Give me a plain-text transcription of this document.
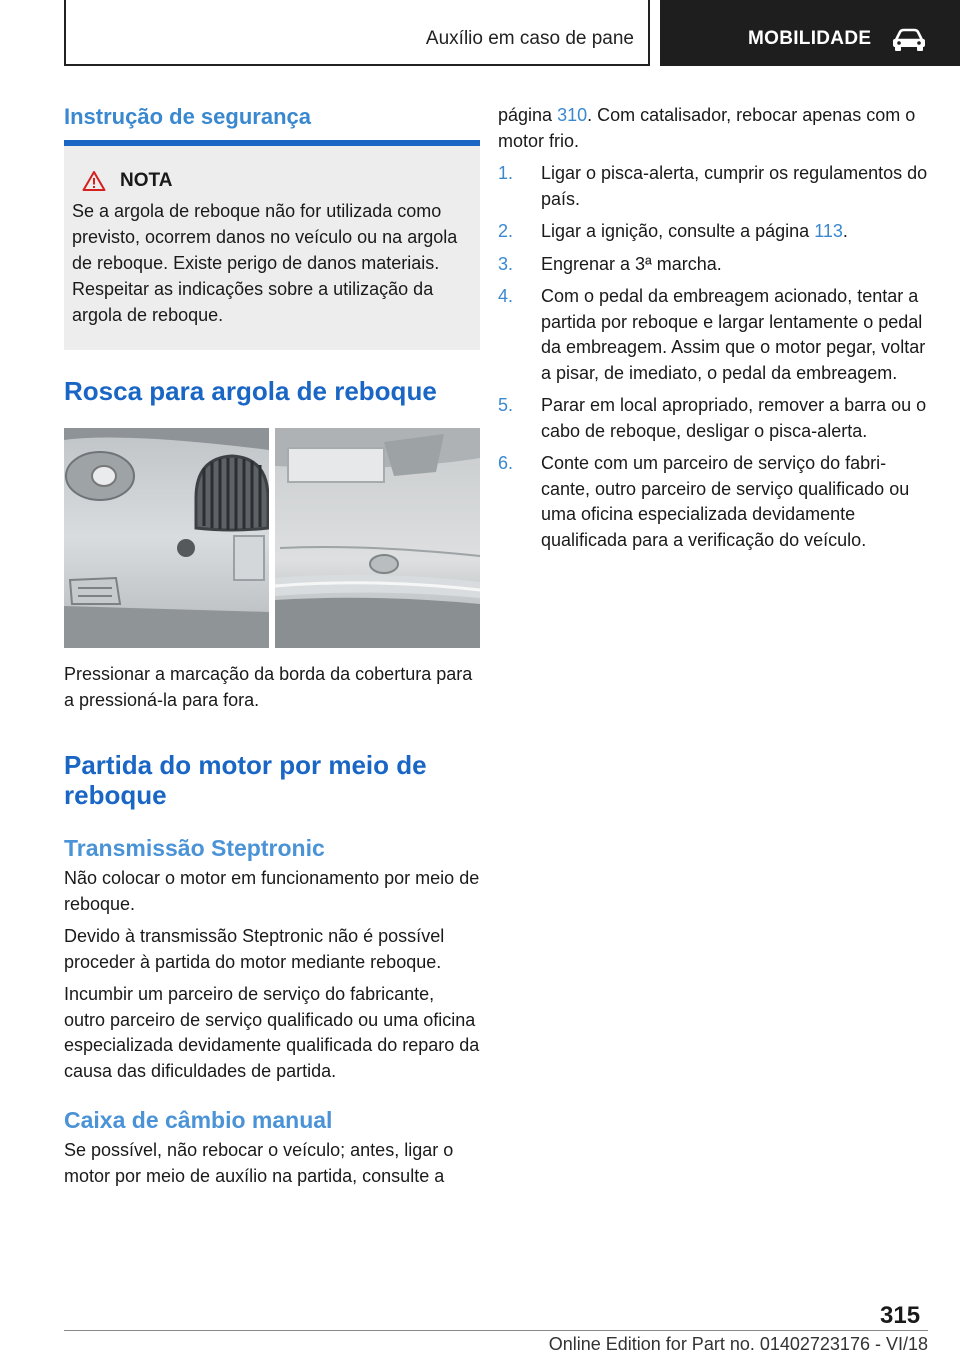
Auxílio em caso de pane	MOBILIDADE
Instrução de segurança
NOTA
Se a argola de reboque não for utilizada como previsto, ocorrem danos no veículo ou na argola de reboque. Existe perigo de danos materiais. Respeitar as indicações sobre a utilização da argola de reboque.
Rosca para argola de reboque

Pressionar a marcação da borda da cobertura para a pressioná-la para fora.

Partida do motor por meio de reboque
Transmissão Steptronic

Não colocar o motor em funcionamento por meio de reboque.

Devido à transmissão Steptronic não é possível proceder à partida do motor mediante reboque.

Incumbir um parceiro de serviço do fabricante, outro parceiro de serviço qualificado ou uma oficina especializada devidamente qualificada do reparo da causa das dificuldades de partida.

Caixa de câmbio manual

Se possível, não rebocar o veículo; antes, ligar o motor por meio de auxílio na partida, consulte a

página 310. Com catalisador, rebocar apenas com o motor frio.

1.	Ligar o pisca-alerta, cumprir os regulamentos do país.
2.	Ligar a ignição, consulte a página 113.
3.	Engrenar a 3ª marcha.
4.	Com o pedal da embreagem acionado, tentar a partida por reboque e largar lentamente o pedal da embreagem. Assim que o motor pegar, voltar a pisar, de imediato, o pedal da embreagem.
5.	Parar em local apropriado, remover a barra ou o cabo de reboque, desligar o pisca-alerta.
6.	Conte com um parceiro de serviço do fabricante, outro parceiro de serviço qualificado ou uma oficina especializada devidamente qualificada para a verificação do veículo.
315
Online Edition for Part no. 01402723176 - VI/18
